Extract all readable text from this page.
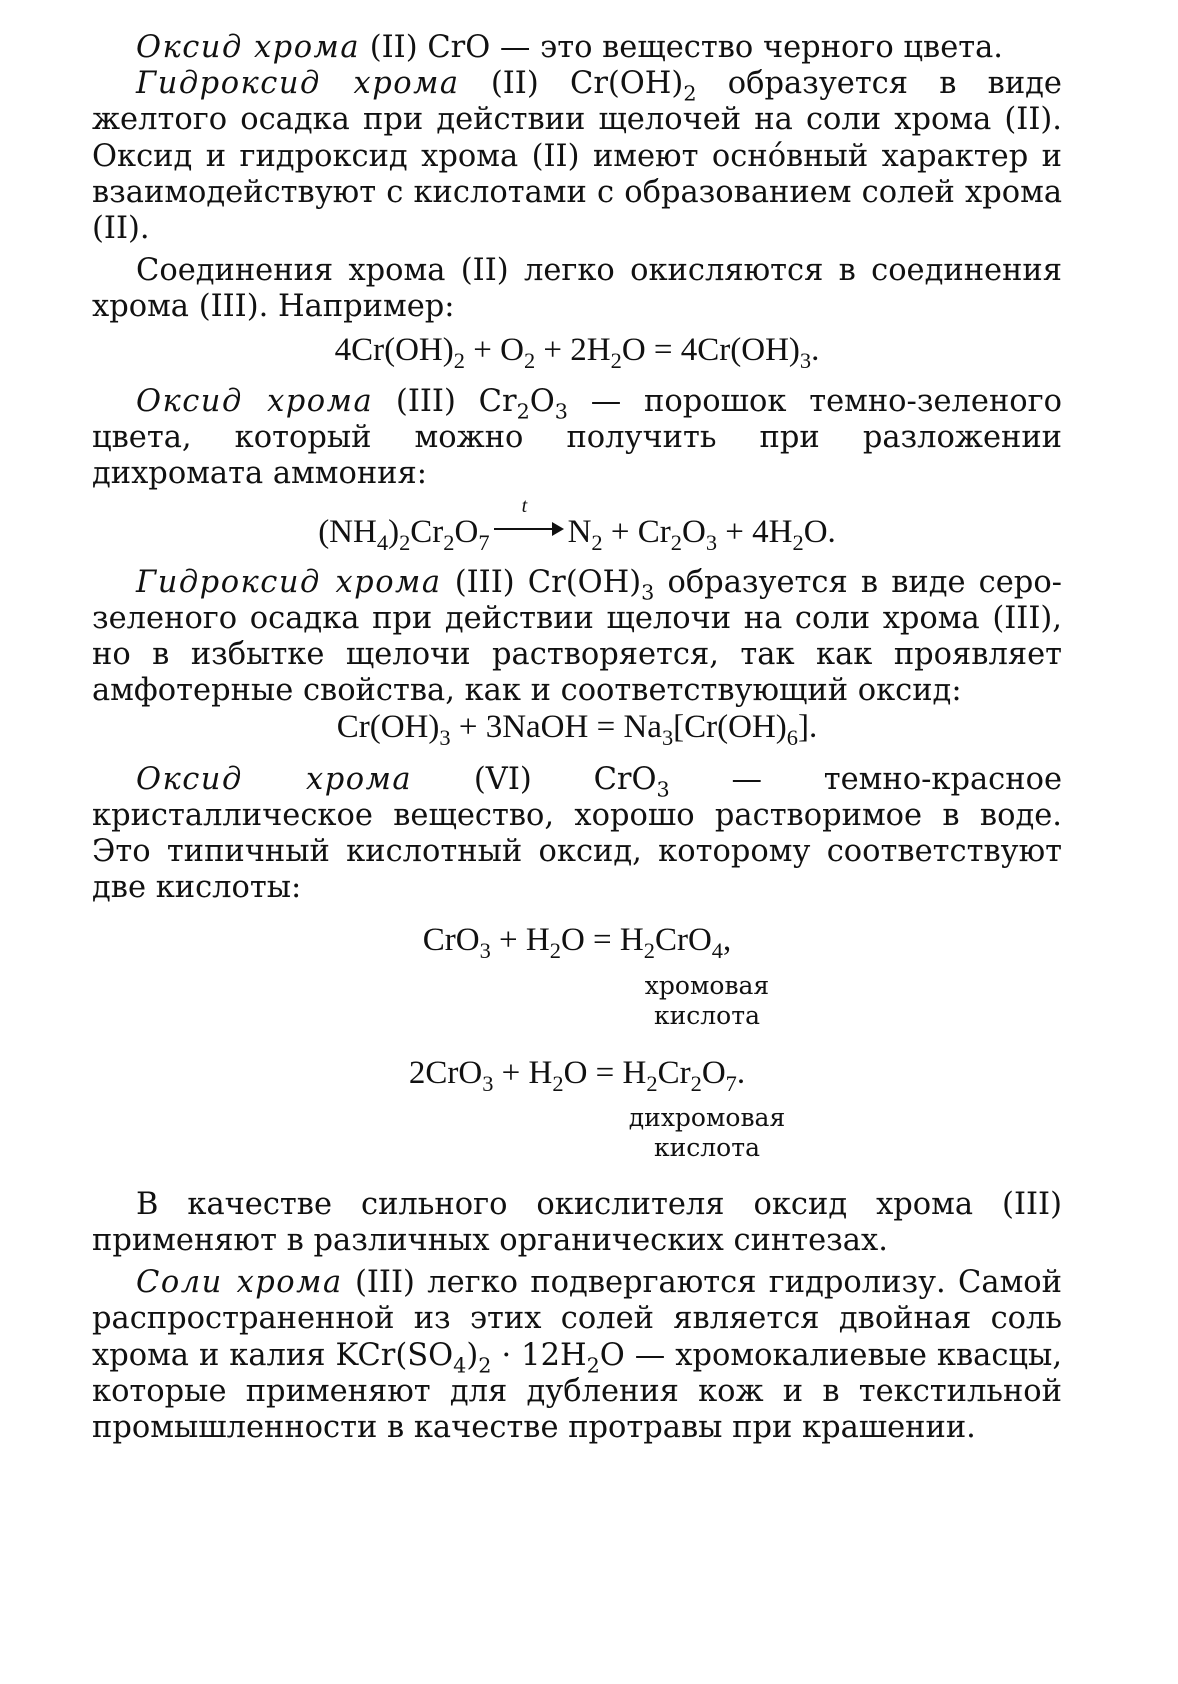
Оксид хрома (II) CrO — это вещество черного цвета.

Гидроксид хрома (II) $Cr(OH)_2$ образуется в виде желтого осадка при действии щелочей на соли хрома (II). Оксид и гидроксид хрома (II) имеют осно́вный характер и взаимодействуют с кислотами с образованием солей хрома (II).

Соединения хрома (II) легко окисляются в соединения хрома (III). Например:

$4Cr(OH)_2 + O_2 + 2H_2O = 4Cr(OH)_3$.

Оксид хрома (III) $Cr_2O_3$ — порошок темно-зеленого цвета, который можно получить при разложении дихромата аммония:

$(NH_4)_2Cr_2O_7$
t
$N_2 + Cr_2O_3 + 4H_2O$.

Гидроксид хрома (III) $Cr(OH)_3$ образуется в виде серо-зеленого осадка при действии щелочи на соли хрома (III), но в избытке щелочи растворяется, так как проявляет амфотерные свойства, как и соответствующий оксид:

$Cr(OH)_3$ + 3NaOH = $Na_3[Cr(OH)_6]$.

Оксид хрома (VI) CrO$_3$ — темно-красное кристаллическое вещество, хорошо растворимое в воде. Это типичный кислотный оксид, которому соответствуют две кислоты:

$CrO_3 + H_2O = H_2CrO_4$,

хромовая
кислота

$2CrO_3 + H_2O = H_2Cr_2O_7$.

дихромовая
кислота

В качестве сильного окислителя оксид хрома (III) применяют в различных органических синтезах.

Соли хрома (III) легко подвергаются гидролизу. Самой распространенной из этих солей является двойная соль хрома и калия $KCr(SO_4)_2 \cdot 12H_2O$ — хромокалиевые квасцы, которые применяют для дубления кож и в текстильной промышленности в качестве протравы при крашении.
